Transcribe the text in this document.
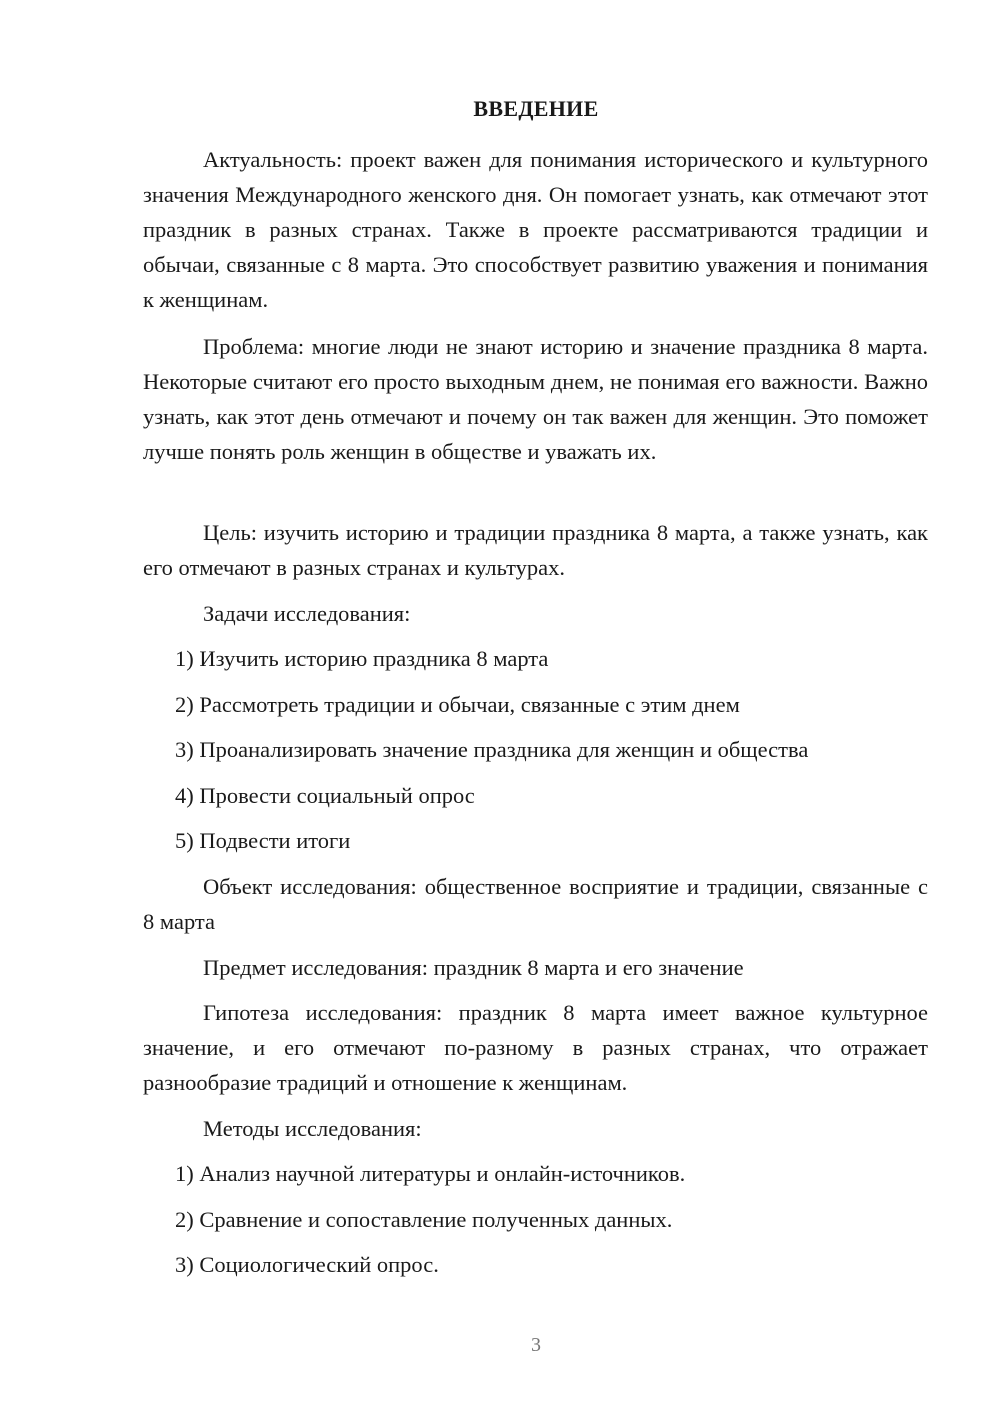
ВВЕДЕНИЕ

Актуальность: проект важен для понимания исторического и культурного значения Международного женского дня. Он помогает узнать, как отмечают этот праздник в разных странах. Также в проекте рассматриваются традиции и обычаи, связанные с 8 марта. Это способствует развитию уважения и понимания к женщинам.

Проблема: многие люди не знают историю и значение праздника 8 марта. Некоторые считают его просто выходным днем, не понимая его важности. Важно узнать, как этот день отмечают и почему он так важен для женщин. Это поможет лучше понять роль женщин в обществе и уважать их.

Цель: изучить историю и традиции праздника 8 марта, а также узнать, как его отмечают в разных странах и культурах.

Задачи исследования:

1) Изучить историю праздника 8 марта

2) Рассмотреть традиции и обычаи, связанные с этим днем

3) Проанализировать значение праздника для женщин и общества

4) Провести социальный опрос

5) Подвести итоги

Объект исследования: общественное восприятие и традиции, связанные с 8 марта

Предмет исследования: праздник 8 марта и его значение

Гипотеза исследования: праздник 8 марта имеет важное культурное значение, и его отмечают по-разному в разных странах, что отражает разнообразие традиций и отношение к женщинам.

Методы исследования:

1) Анализ научной литературы и онлайн-источников.

2) Сравнение и сопоставление полученных данных.

3) Социологический опрос.

3
